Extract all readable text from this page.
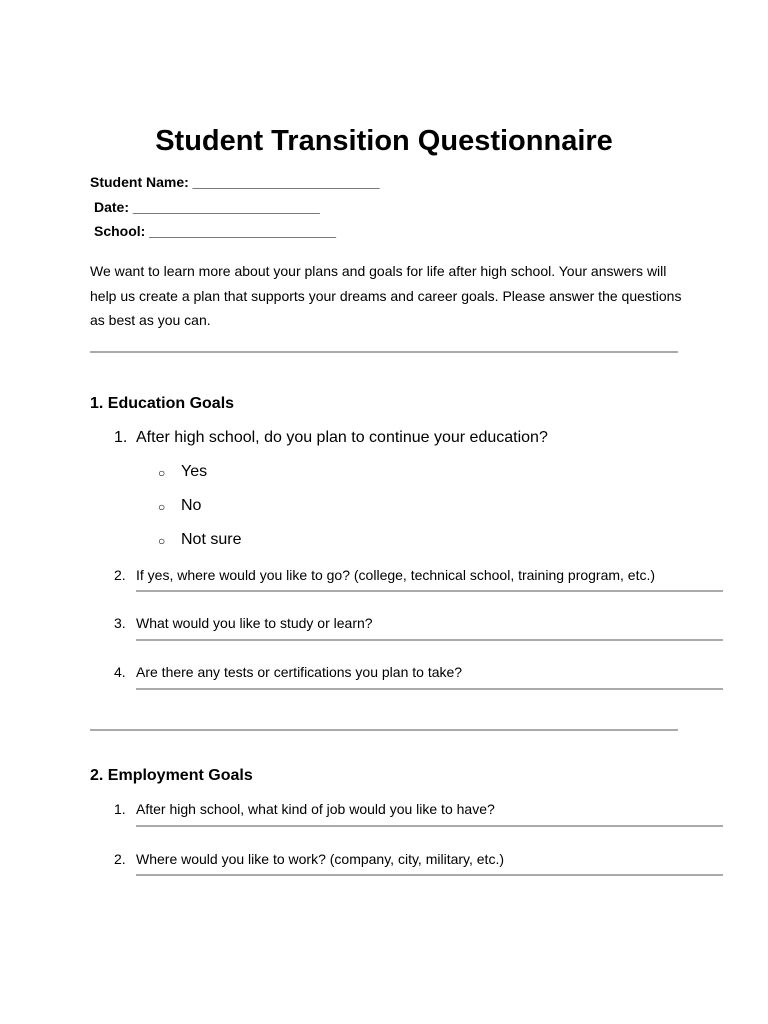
Student Transition Questionnaire
Student Name: ________________________
Date: ________________________
School: ________________________
We want to learn more about your plans and goals for life after high school. Your answers will help us create a plan that supports your dreams and career goals. Please answer the questions as best as you can.
1. Education Goals
1. After high school, do you plan to continue your education?
○ Yes
○ No
○ Not sure
2. If yes, where would you like to go? (college, technical school, training program, etc.)
3. What would you like to study or learn?
4. Are there any tests or certifications you plan to take?
2. Employment Goals
1. After high school, what kind of job would you like to have?
2. Where would you like to work? (company, city, military, etc.)
